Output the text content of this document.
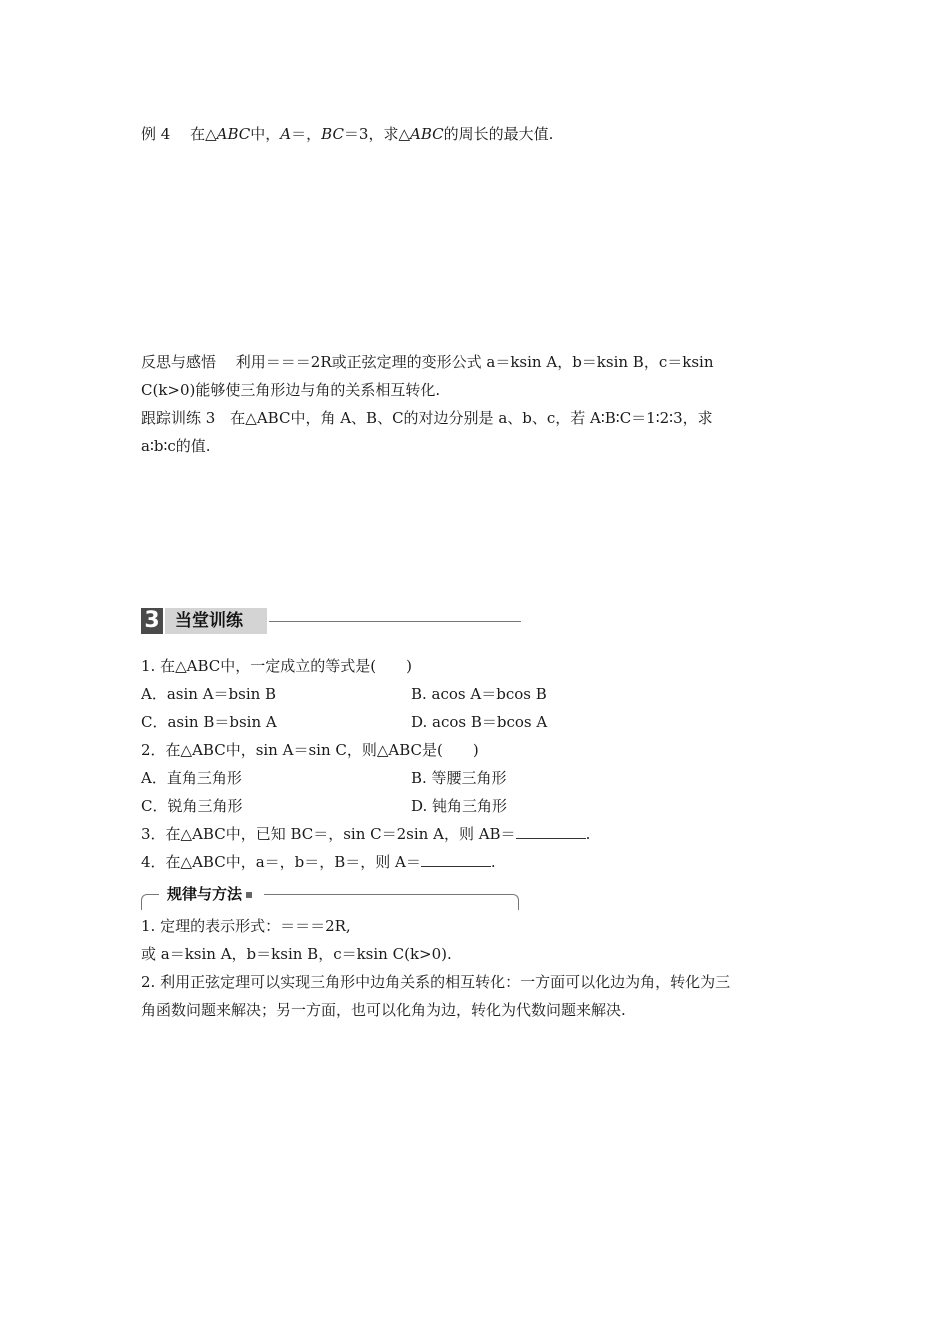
例 4　 在△ABC中，A＝，BC＝3，求△ABC的周长的最大值.
反思与感悟　 利用＝＝＝2R或正弦定理的变形公式 a＝ksin A，b＝ksin B，c＝ksin
C(k>0)能够使三角形边与角的关系相互转化.
跟踪训练 3　在△ABC中，角 A、B、C的对边分别是 a、b、c，若 A∶B∶C＝1∶2∶3，求
a∶b∶c的值.
3 当堂训练
1. 在△ABC中，一定成立的等式是(　　)
A．asin A＝bsin B	B. acos A＝bcos B
C．asin B＝bsin A	D. acos B＝bcos A
2．在△ABC中，sin A＝sin C，则△ABC是(　　)
A．直角三角形	B. 等腰三角形
C．锐角三角形	D. 钝角三角形
3．在△ABC中，已知 BC＝，sin C＝2sin A，则 AB＝	.
4．在△ABC中，a＝，b＝，B＝，则 A＝	.
规律与方法
1. 定理的表示形式：＝＝＝2R,
或 a＝ksin A，b＝ksin B，c＝ksin C(k>0).
2. 利用正弦定理可以实现三角形中边角关系的相互转化：一方面可以化边为角，转化为三
角函数问题来解决；另一方面，也可以化角为边，转化为代数问题来解决.
